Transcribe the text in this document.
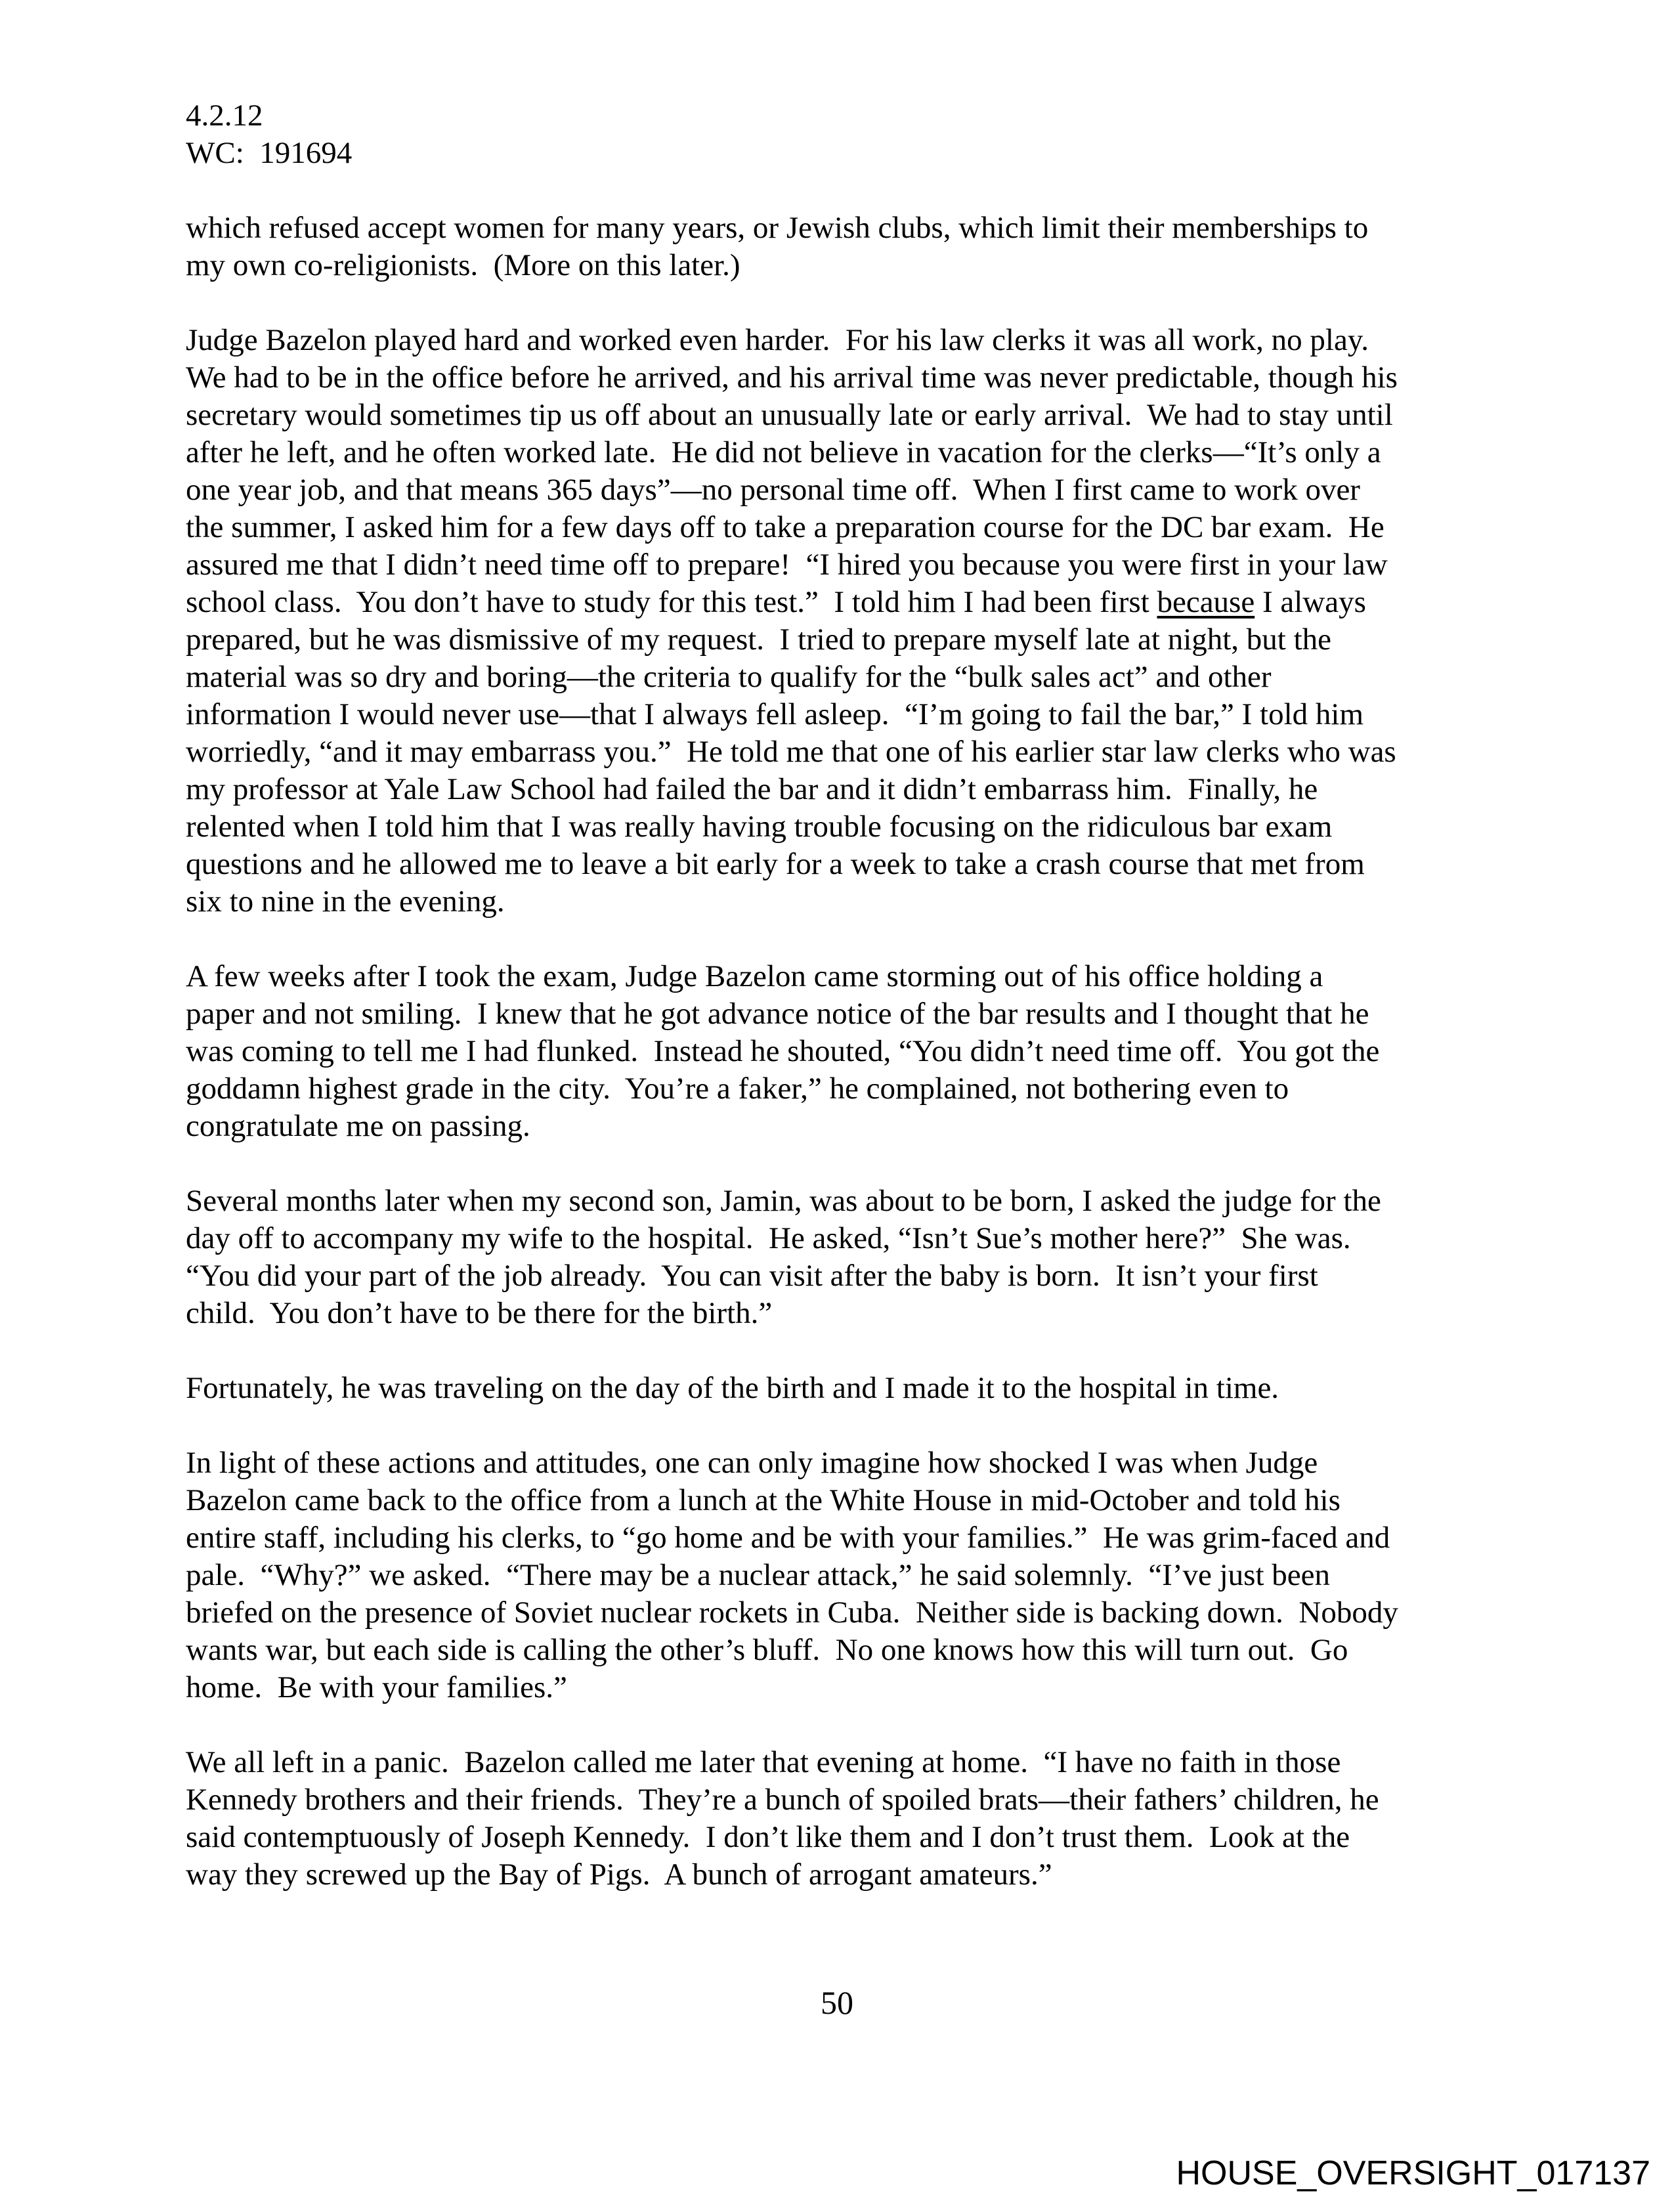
4.2.12
WC:  191694
which refused accept women for many years, or Jewish clubs, which limit their memberships to
my own co-religionists.  (More on this later.)
Judge Bazelon played hard and worked even harder.  For his law clerks it was all work, no play.
We had to be in the office before he arrived, and his arrival time was never predictable, though his
secretary would sometimes tip us off about an unusually late or early arrival.  We had to stay until
after he left, and he often worked late.  He did not believe in vacation for the clerks—“It’s only a
one year job, and that means 365 days”—no personal time off.  When I first came to work over
the summer, I asked him for a few days off to take a preparation course for the DC bar exam.  He
assured me that I didn’t need time off to prepare!  “I hired you because you were first in your law
school class.  You don’t have to study for this test.”  I told him I had been first because I always
prepared, but he was dismissive of my request.  I tried to prepare myself late at night, but the
material was so dry and boring—the criteria to qualify for the “bulk sales act” and other
information I would never use—that I always fell asleep.  “I’m going to fail the bar,” I told him
worriedly, “and it may embarrass you.”  He told me that one of his earlier star law clerks who was
my professor at Yale Law School had failed the bar and it didn’t embarrass him.  Finally, he
relented when I told him that I was really having trouble focusing on the ridiculous bar exam
questions and he allowed me to leave a bit early for a week to take a crash course that met from
six to nine in the evening.
A few weeks after I took the exam, Judge Bazelon came storming out of his office holding a
paper and not smiling.  I knew that he got advance notice of the bar results and I thought that he
was coming to tell me I had flunked.  Instead he shouted, “You didn’t need time off.  You got the
goddamn highest grade in the city.  You’re a faker,” he complained, not bothering even to
congratulate me on passing.
Several months later when my second son, Jamin, was about to be born, I asked the judge for the
day off to accompany my wife to the hospital.  He asked, “Isn’t Sue’s mother here?”  She was.
“You did your part of the job already.  You can visit after the baby is born.  It isn’t your first
child.  You don’t have to be there for the birth.”
Fortunately, he was traveling on the day of the birth and I made it to the hospital in time.
In light of these actions and attitudes, one can only imagine how shocked I was when Judge
Bazelon came back to the office from a lunch at the White House in mid-October and told his
entire staff, including his clerks, to “go home and be with your families.”  He was grim-faced and
pale.  “Why?” we asked.  “There may be a nuclear attack,” he said solemnly.  “I’ve just been
briefed on the presence of Soviet nuclear rockets in Cuba.  Neither side is backing down.  Nobody
wants war, but each side is calling the other’s bluff.  No one knows how this will turn out.  Go
home.  Be with your families.”
We all left in a panic.  Bazelon called me later that evening at home.  “I have no faith in those
Kennedy brothers and their friends.  They’re a bunch of spoiled brats—their fathers’ children, he
said contemptuously of Joseph Kennedy.  I don’t like them and I don’t trust them.  Look at the
way they screwed up the Bay of Pigs.  A bunch of arrogant amateurs.”
50
HOUSE_OVERSIGHT_017137
